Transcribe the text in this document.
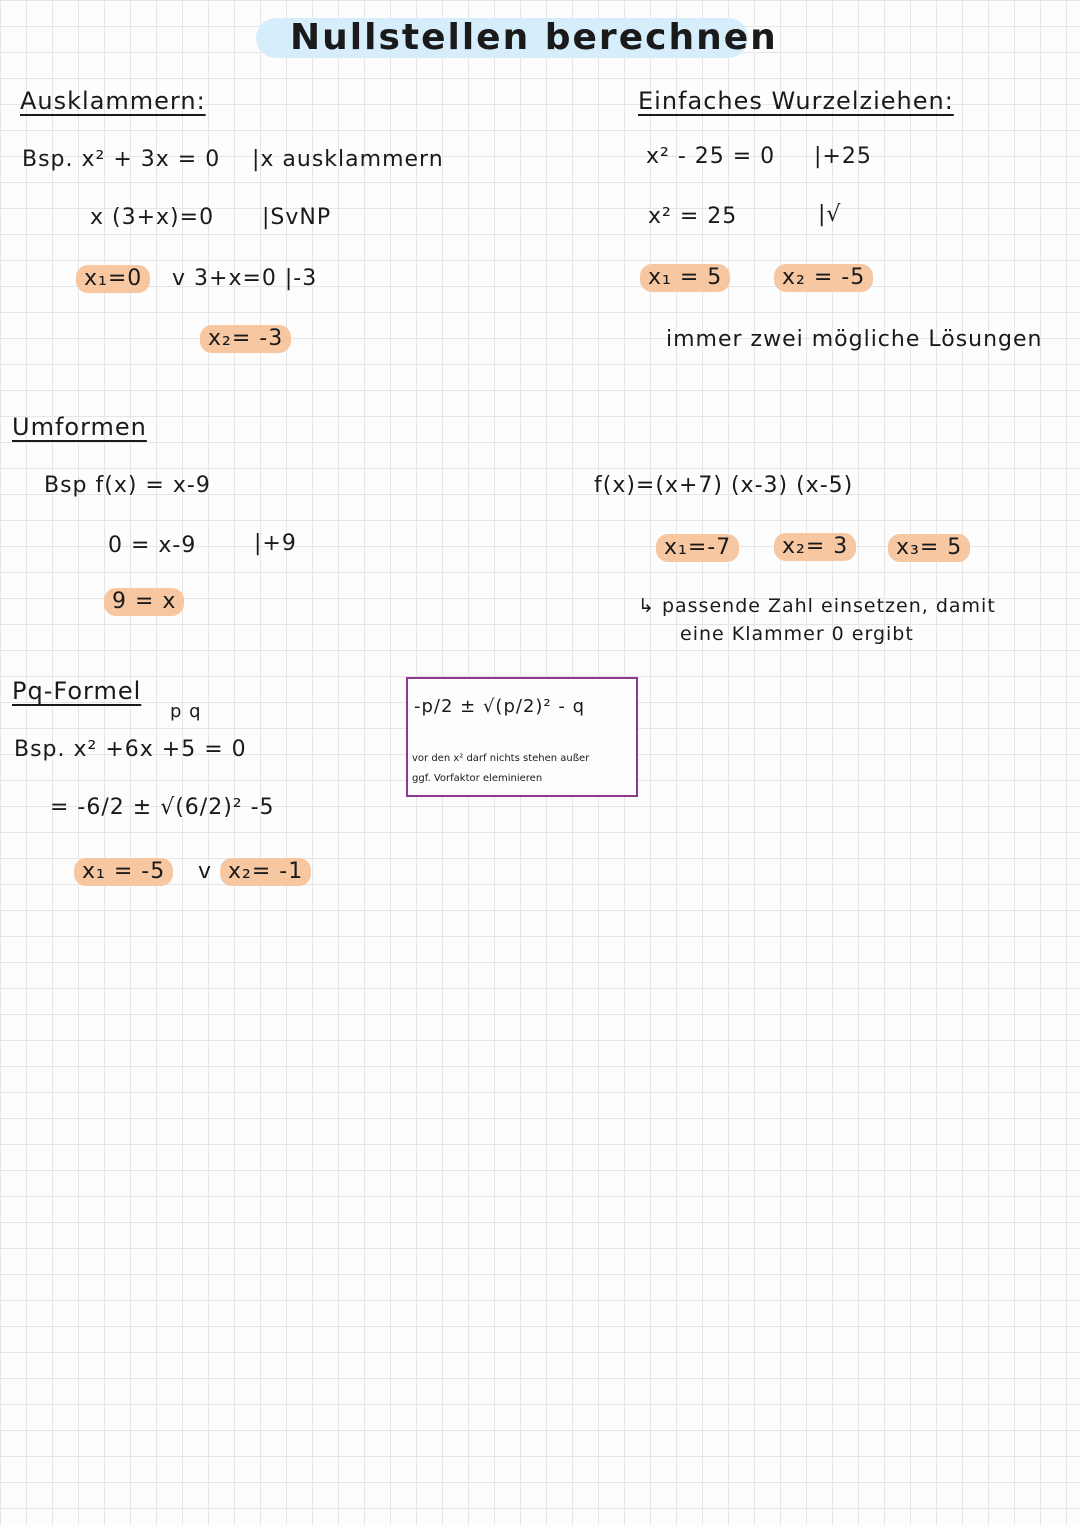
Nullstellen berechnen
Ausklammern:
Bsp. x² + 3x = 0 |x ausklammern
x (3+x)=0 |SvNP
x₁=0	v 3+x=0 |-3
x₂= -3
Einfaches Wurzelziehen:
x² - 25 = 0 |+25
x² = 25	|√
x₁ = 5	x₂ = -5
immer zwei mögliche Lösungen
Umformen
Bsp f(x) = x-9
0 = x-9	|+9
9 = x
f(x)=(x+7) (x-3) (x-5)
x₁=-7	x₂= 3	x₃= 5
↳ passende Zahl einsetzen, damit
eine Klammer 0 ergibt
Pq-Formel
p q
Bsp. x² +6x +5 = 0
= -6/2 ± √(6/2)² -5
x₁ = -5	v x₂= -1
-p/2 ± √(p/2)² - q
vor den x² darf nichts stehen außer
ggf. Vorfaktor eleminieren
